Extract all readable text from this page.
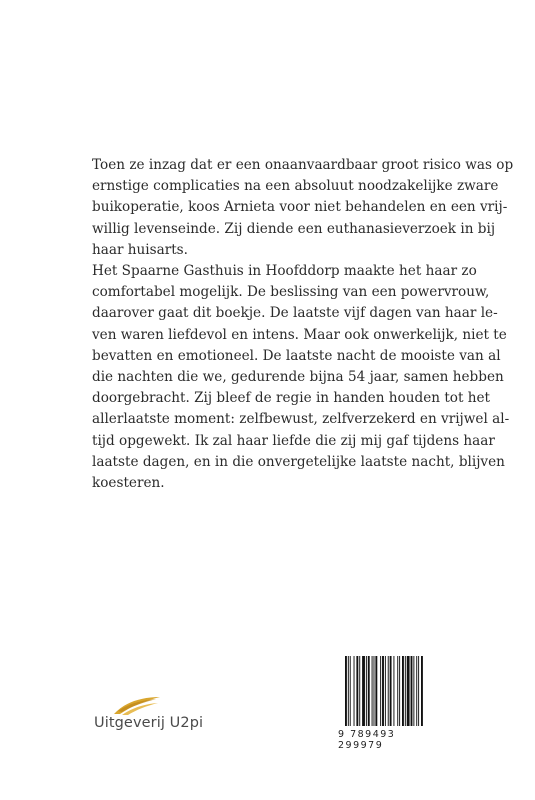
Toen ze inzag dat er een onaanvaardbaar groot risico was op
ernstige complicaties na een absoluut noodzakelijke zware
buikoperatie, koos Arnieta voor niet behandelen en een vrij-
willig levenseinde. Zij diende een euthanasieverzoek in bij
haar huisarts.

Het Spaarne Gasthuis in Hoofddorp maakte het haar zo
comfortabel mogelijk. De beslissing van een powervrouw,
daarover gaat dit boekje. De laatste vijf dagen van haar le-
ven waren liefdevol en intens. Maar ook onwerkelijk, niet te
bevatten en emotioneel. De laatste nacht de mooiste van al
die nachten die we, gedurende bijna 54 jaar, samen hebben
doorgebracht. Zij bleef de regie in handen houden tot het
allerlaatste moment: zelfbewust, zelfverzekerd en vrijwel al-
tijd opgewekt. Ik zal haar liefde die zij mij gaf tijdens haar
laatste dagen, en in die onvergetelijke laatste nacht, blijven
koesteren.

Uitgeverij U2pi
9 789493 299979
